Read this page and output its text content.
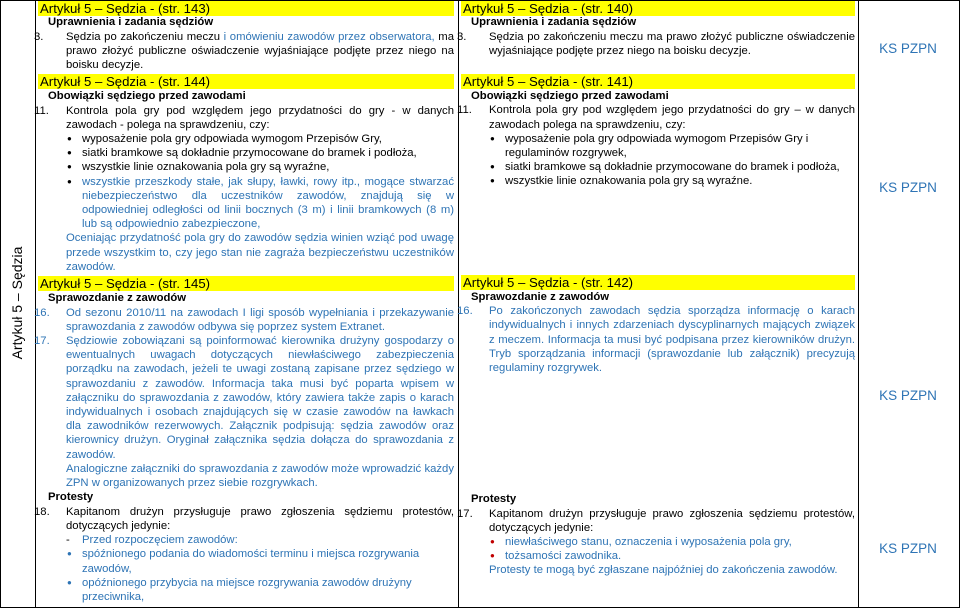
Artykuł 5 – Sędzia
Artykuł 5 – Sędzia - (str. 143)
Uprawnienia i zadania sędziów
3. Sędzia po zakończeniu meczu i omówieniu zawodów przez obserwatora, ma prawo złożyć publiczne oświadczenie wyjaśniające podjęte przez niego na boisku decyzje.
Artykuł 5 – Sędzia - (str. 144)
Obowiązki sędziego przed zawodami
11. Kontrola pola gry pod względem jego przydatności do gry - w danych zawodach - polega na sprawdzeniu, czy:
● wyposażenie pola gry odpowiada wymogom Przepisów Gry,
● siatki bramkowe są dokładnie przymocowane do bramek i podłoża,
● wszystkie linie oznakowania pola gry są wyraźne,
● wszystkie przeszkody stałe, jak słupy, ławki, rowy itp., mogące stwarzać niebezpieczeństwo dla uczestników zawodów, znajdują się w odpowiedniej odległości od linii bocznych (3 m) i linii bramkowych (8 m) lub są odpowiednio zabezpieczone,
Oceniając przydatność pola gry do zawodów sędzia winien wziąć pod uwagę przede wszystkim to, czy jego stan nie zagraża bezpieczeństwu uczestników zawodów.
Artykuł 5 – Sędzia - (str. 145)
Sprawozdanie z zawodów
16. Od sezonu 2010/11 na zawodach I ligi sposób wypełniania i przekazywanie sprawozdania z zawodów odbywa się poprzez system Extranet.
17. Sędziowie zobowiązani są poinformować kierownika drużyny gospodarzy o ewentualnych uwagach dotyczących niewłaściwego zabezpieczenia porządku na zawodach, jeżeli te uwagi zostaną zapisane przez sędziego w sprawozdaniu z zawodów. Informacja taka musi być poparta wpisem w załączniku do sprawozdania z zawodów, który zawiera także zapis o karach indywidualnych i osobach znajdujących się w czasie zawodów na ławkach dla zawodników rezerwowych. Załącznik podpisują: sędzia zawodów oraz kierownicy drużyn. Oryginał załącznika sędzia dołącza do sprawozdania z zawodów.
Analogiczne załączniki do sprawozdania z zawodów może wprowadzić każdy ZPN w organizowanych przez siebie rozgrywkach.
Protesty
18. Kapitanom drużyn przysługuje prawo zgłoszenia sędziemu protestów, dotyczących jedynie:
- Przed rozpoczęciem zawodów:
● spóźnionego podania do wiadomości terminu i miejsca rozgrywania zawodów,
● opóźnionego przybycia na miejsce rozgrywania zawodów drużyny przeciwnika,
Artykuł 5 – Sędzia - (str. 140)
Uprawnienia i zadania sędziów
3. Sędzia po zakończeniu meczu ma prawo złożyć publiczne oświadczenie wyjaśniające podjęte przez niego na boisku decyzje.
Artykuł 5 – Sędzia - (str. 141)
Obowiązki sędziego przed zawodami
11. Kontrola pola gry pod względem jego przydatności do gry – w danych zawodach polega na sprawdzeniu, czy:
● wyposażenie pola gry odpowiada wymogom Przepisów Gry i regulaminów rozgrywek,
● siatki bramkowe są dokładnie przymocowane do bramek i podłoża,
● wszystkie linie oznakowania pola gry są wyraźne.
Artykuł 5 – Sędzia - (str. 142)
Sprawozdanie z zawodów
16. Po zakończonych zawodach sędzia sporządza informację o karach indywidualnych i innych zdarzeniach dyscyplinarnych mających związek z meczem. Informacja ta musi być podpisana przez kierowników drużyn. Tryb sporządzania informacji (sprawozdanie lub załącznik) precyzują regulaminy rozgrywek.
Protesty
17. Kapitanom drużyn przysługuje prawo zgłoszenia sędziemu protestów, dotyczących jedynie:
● niewłaściwego stanu, oznaczenia i wyposażenia pola gry,
● tożsamości zawodnika.
Protesty te mogą być zgłaszane najpóźniej do zakończenia zawodów.
KS PZPN
KS PZPN
KS PZPN
KS PZPN
